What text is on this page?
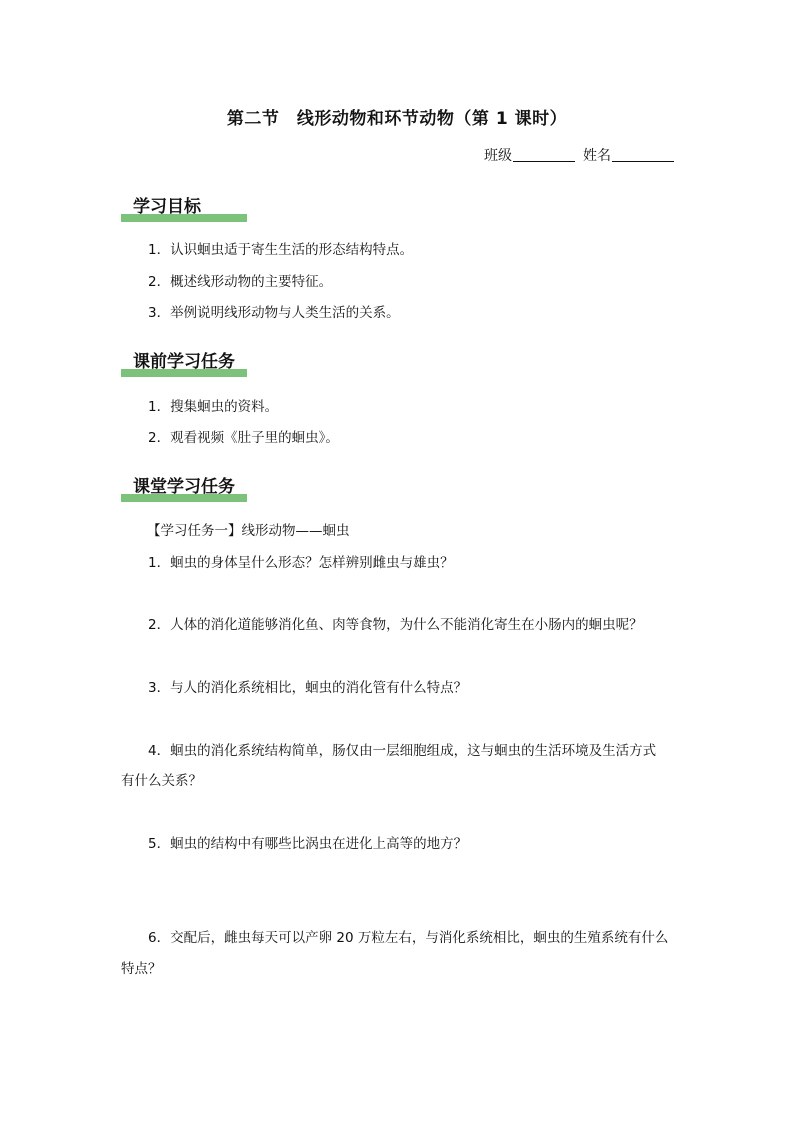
第二节　线形动物和环节动物（第 1 课时）
班级	姓名
学习目标
1．认识蛔虫适于寄生生活的形态结构特点。
2．概述线形动物的主要特征。
3．举例说明线形动物与人类生活的关系。
课前学习任务
1．搜集蛔虫的资料。
2．观看视频《肚子里的蛔虫》。
课堂学习任务
【学习任务一】线形动物——蛔虫
1．蛔虫的身体呈什么形态？怎样辨别雌虫与雄虫？
2．人体的消化道能够消化鱼、肉等食物，为什么不能消化寄生在小肠内的蛔虫呢？
3．与人的消化系统相比，蛔虫的消化管有什么特点？
4．蛔虫的消化系统结构简单，肠仅由一层细胞组成，这与蛔虫的生活环境及生活方式
有什么关系？
5．蛔虫的结构中有哪些比涡虫在进化上高等的地方？
6．交配后，雌虫每天可以产卵 20 万粒左右，与消化系统相比，蛔虫的生殖系统有什么
特点？
